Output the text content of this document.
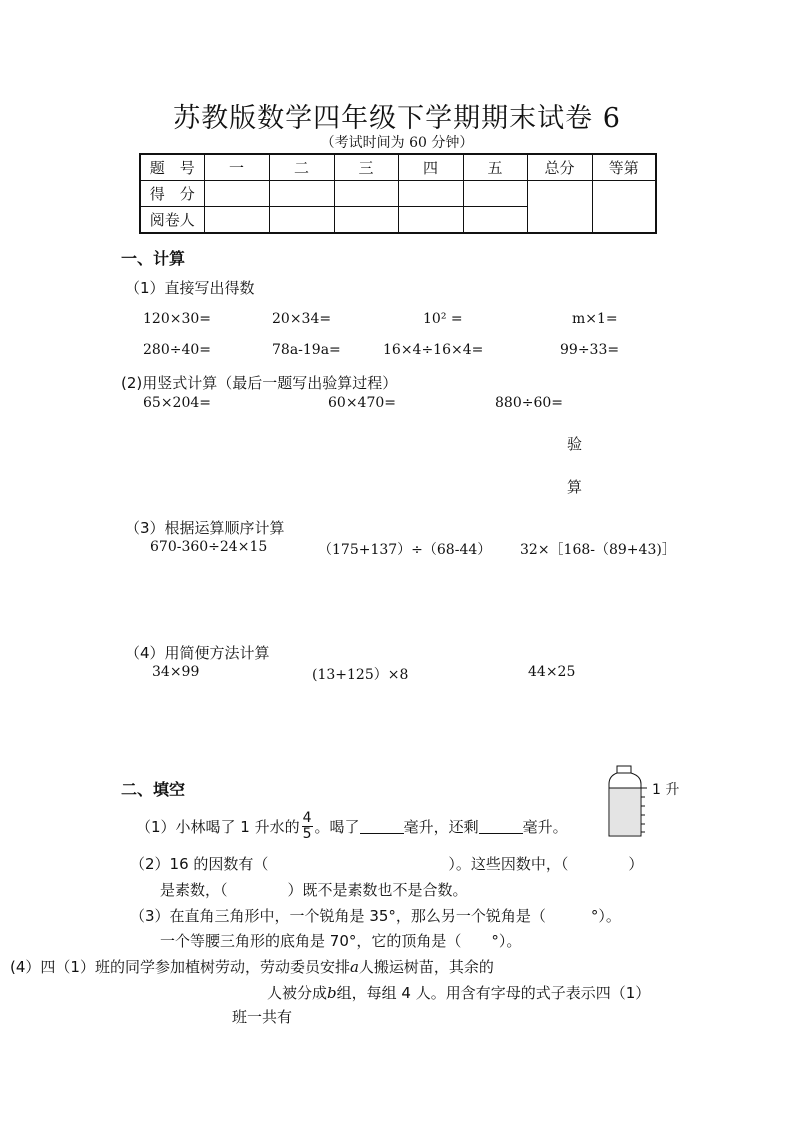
苏教版数学四年级下学期期末试卷 6
（考试时间为 60 分钟）
题　号	一	二	三	四	五	总分	等第
得　分							
阅卷人							
一、计算
（1）直接写出得数
120×30=	20×34=	10² =	m×1=
280÷40=	78a-19a=	16×4÷16×4=	99÷33=
(2)用竖式计算（最后一题写出验算过程）
65×204=	60×470=	880÷60=
验
算
（3）根据运算顺序计算
670-360÷24×15	（175+137）÷（68-44） 32×［168-（89+43)］
（4）用简便方法计算
34×99	(13+125）×8	44×25
二、填空	1 升
（1）小林喝了 1 升水的 $\frac{4}{5}$ 。喝了	毫升，还剩	毫升。
（2）16 的因数有（　　　　　　　　　　　　）。这些因数中，（　　　　）
是素数，（　　　　）既不是素数也不是合数。
（3）在直角三角形中，一个锐角是 35°，那么另一个锐角是（　　　°）。
一个等腰三角形的底角是 70°，它的顶角是（　　°）。
(4）四（1）班的同学参加植树劳动，劳动委员安排a人搬运树苗，其余的
人被分成b组，每组 4 人。用含有字母的式子表示四（1）
班一共有
